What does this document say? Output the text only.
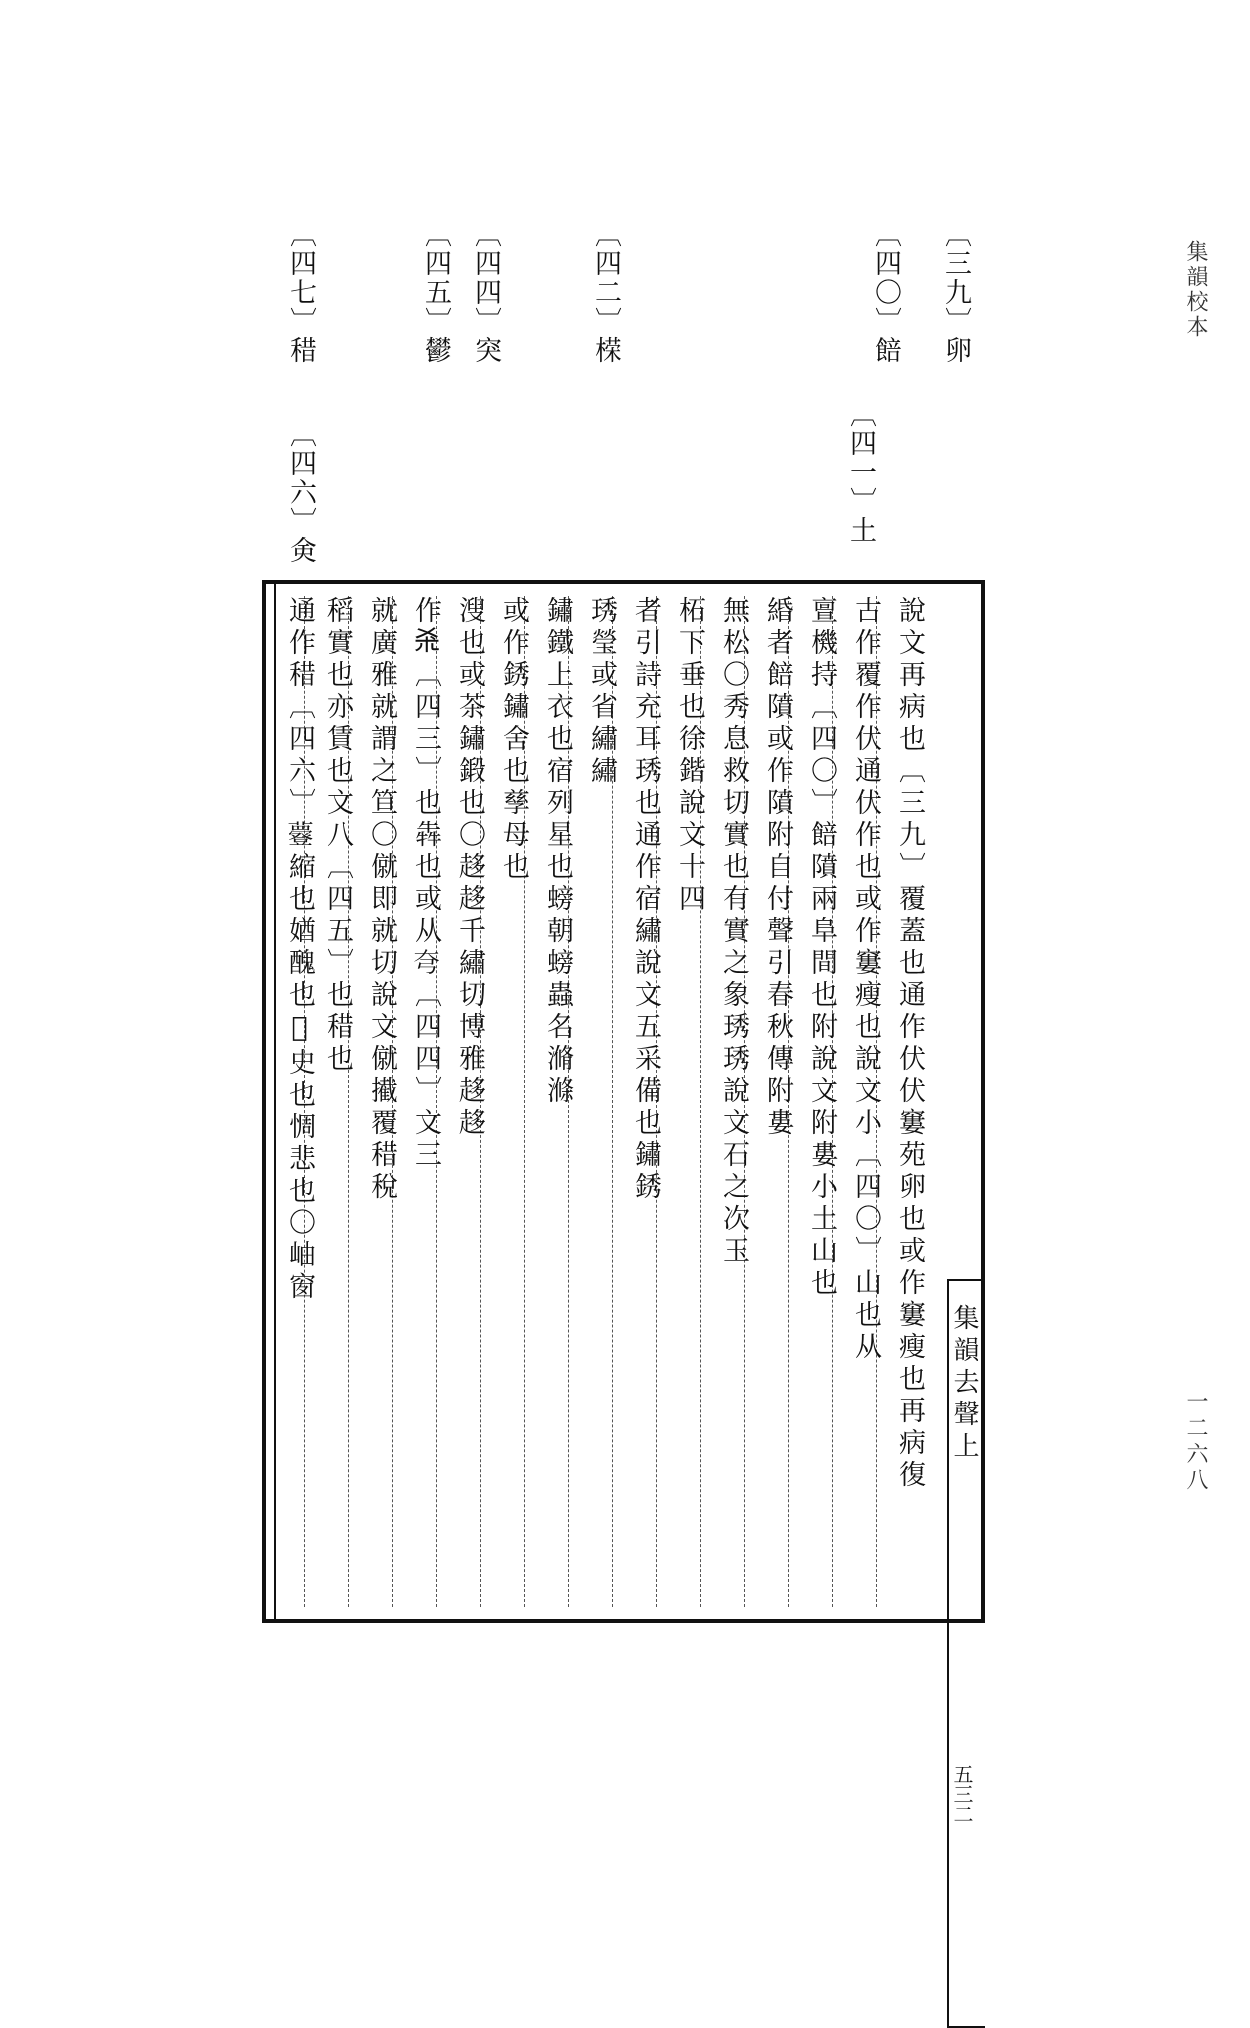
集韻校本
一二六八
〔三九〕卵
〔四〇〕餢
〔四一〕土
〔四二〕㮠
〔四四〕突
〔四五〕鬰
〔四七〕稓
〔四六〕㑒
集韻去聲上
五三二
說文再病也〔三九〕覆蓋也通作伏伏窶苑卵也或作窶瘦也再病復
古作覆作伏通伏作也或作窶瘦也說文小〔四〇〕山也从
亶機持〔四〇〕餢隫兩阜間也附說文附婁小土山也
緍者餢隫或作隫附自付聲引春秋傳附婁
無松〇秀息救切實也有實之象琇琇說文石之次玉
柘下垂也徐鍇說文十四
者引詩充耳琇也通作宿繡說文五采備也鏽銹
琇瑩或省繡繡
鏽鐵上衣也宿列星也螃朝螃蟲名滫滌
或作銹鏽舍也孳母也
溲也或茶鏽鍛也〇趍趍千繡切博雅趍趍
作𣏂〔四三〕也犇也或从𡗝〔四四〕文三
就廣雅就謂之笪〇僦即就切說文僦擮覆稓稅
稻實也亦賃也文八〔四五〕也稓也
通作稓〔四六〕𧄼縮也媨醜也𧨞史也惆悲也〇岫窗
